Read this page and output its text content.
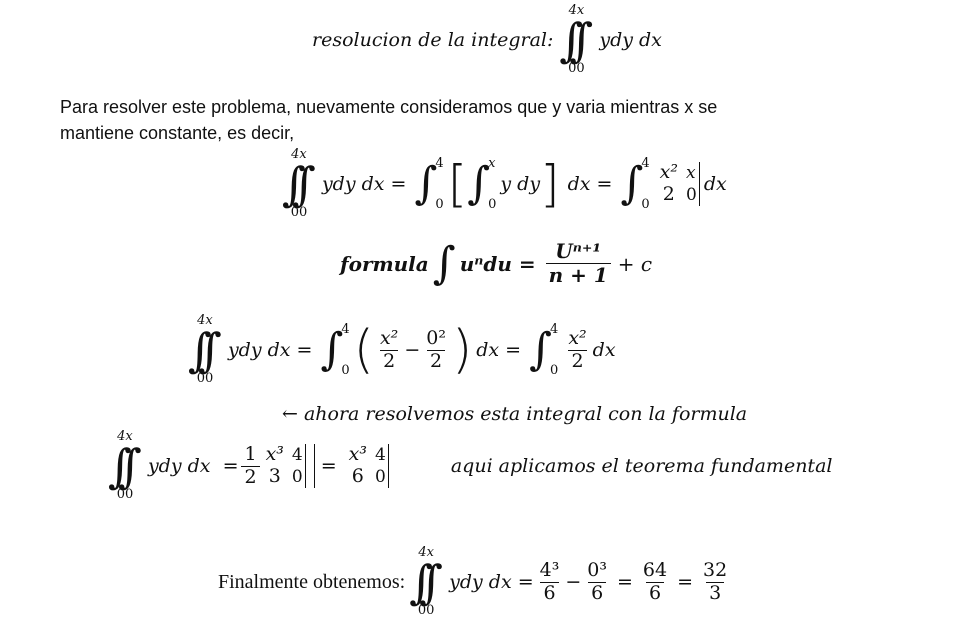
resolucion de la integral:
4x
∫∫
00
ydy dx
Para resolver este problema, nuevamente consideramos que y varia mientras x se
mantiene constante, es decir,
4x
∫∫
00
ydy dx = ∫
4
0 [ ∫
x
0
y dy ] dx = ∫
4
0
x²
2
x
0 dx
formula ∫ $u^ndu = \frac{\text{Uⁿ⁺¹}}{n + 1} + c$
4x
∫∫
00
ydy dx = ∫
4
0 ( $\frac{\text{x²}}{2} - \frac{\text{0²}}{2}$ ) dx = ∫
4
$0 \frac{\text{x²}}{2}$ dx
← ahora resolvemos esta integral con la formula
4x
∫∫
00
ydy dx  = $\frac{1}{2} x^3$
3
4
0 =
x³
6
4
0	aqui aplicamos el teorema fundamental
Finalmente obtenemos:
4x
∫∫
00
ydy dx = $\frac{\text{4³}}{6} - \frac{\text{0³}}{6} = \frac{64}{6} = \frac{32}{3}$
